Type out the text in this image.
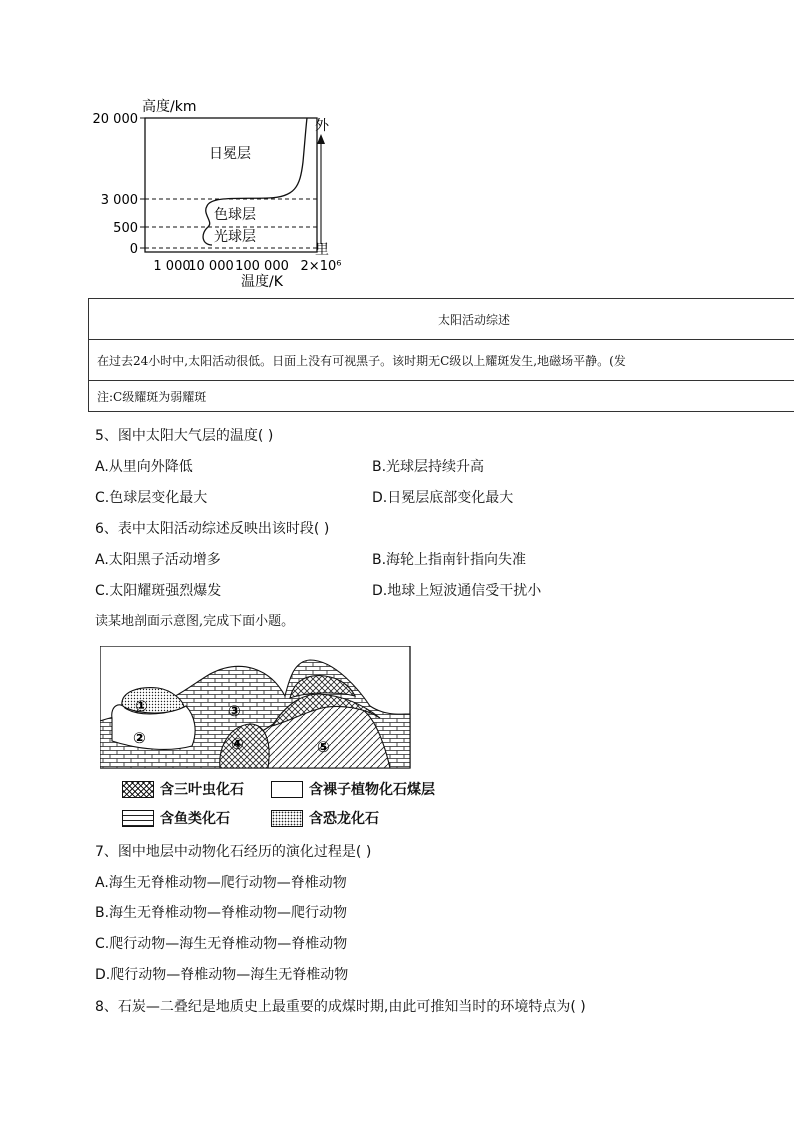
高度/km
20 000
3 000
500
0
日冕层
色球层
光球层
1 000
10 000 100 000 2×10⁶
温度/K
外
里
太阳活动综述
在过去24小时中,太阳活动很低。日面上没有可视黑子。该时期无C级以上耀斑发生,地磁场平静。(发
注:C级耀斑为弱耀斑
5、图中太阳大气层的温度( )
A.从里向外降低	B.光球层持续升高
C.色球层变化最大	D.日冕层底部变化最大
6、表中太阳活动综述反映出该时段( )
A.太阳黑子活动增多	B.海轮上指南针指向失准
C.太阳耀斑强烈爆发	D.地球上短波通信受干扰小
读某地剖面示意图,完成下面小题。
①
②
③
④	⑤
含三叶虫化石	含裸子植物化石煤层
含鱼类化石	含恐龙化石
7、图中地层中动物化石经历的演化过程是( )
A.海生无脊椎动物—爬行动物—脊椎动物
B.海生无脊椎动物—脊椎动物—爬行动物
C.爬行动物—海生无脊椎动物—脊椎动物
D.爬行动物—脊椎动物—海生无脊椎动物
8、石炭—二叠纪是地质史上最重要的成煤时期,由此可推知当时的环境特点为( )
